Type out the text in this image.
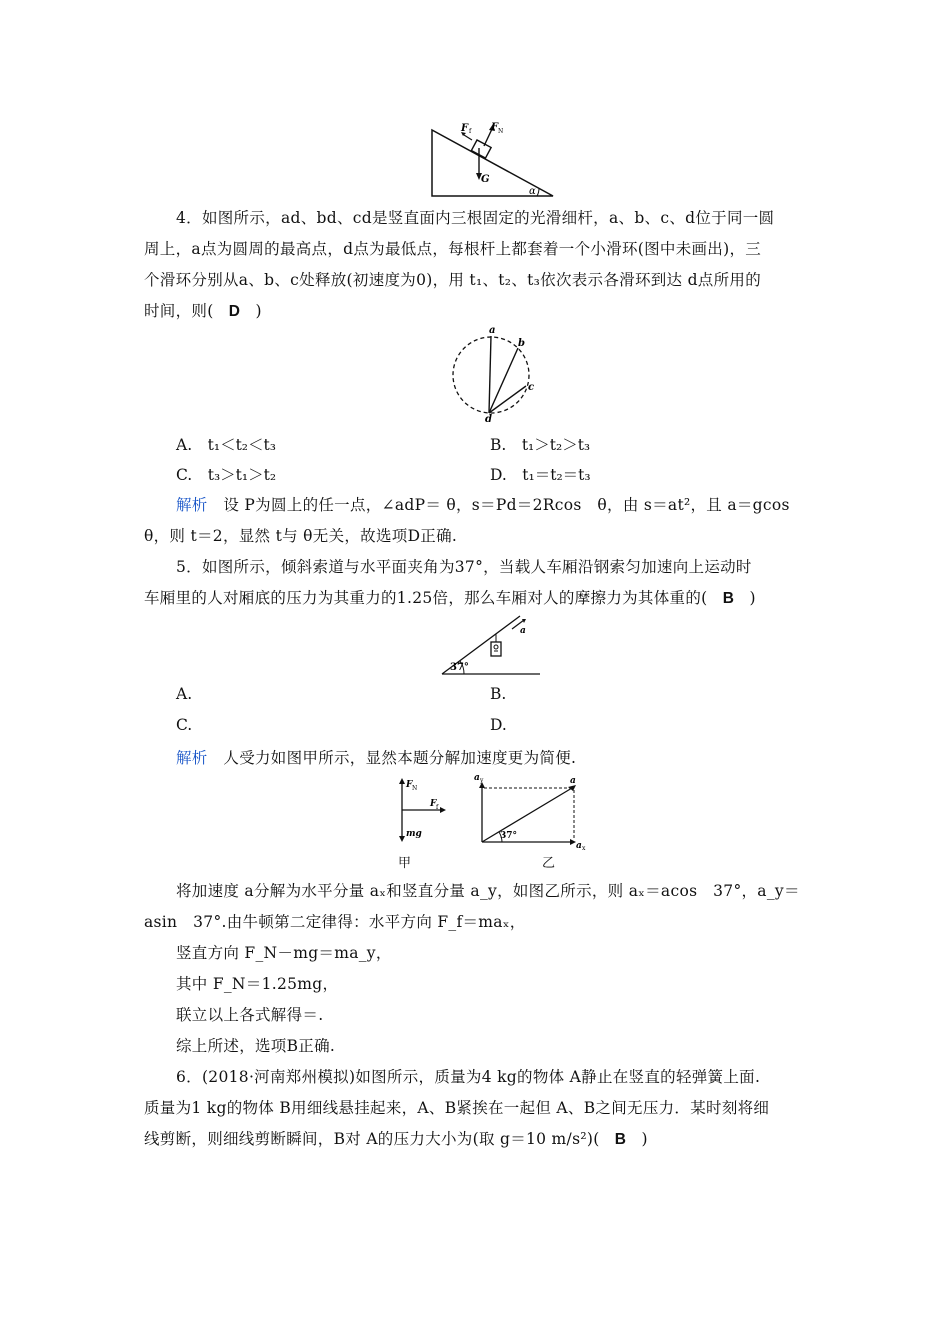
F f F N
G
α
4．如图所示，ad、bd、cd是竖直面内三根固定的光滑细杆，a、b、c、d位于同一圆
周上，a点为圆周的最高点，d点为最低点，每根杆上都套着一个小滑环(图中未画出)，三
个滑环分别从a、b、c处释放(初速度为0)，用 t₁、t₂、t₃依次表示各滑环到达 d点所用的
时间，则( D )
a
b
c
d
A.　t₁＜t₂＜t₃	B.　t₁＞t₂＞t₃
C.　t₃＞t₁＞t₂	D.　t₁＝t₂＝t₃
解析　设 P为圆上的任一点，∠adP＝ θ，s＝Pd＝2Rcos　θ，由 s＝at²，且 a＝gcos
θ，则 t＝2，显然 t与 θ无关，故选项D正确.
5．如图所示，倾斜索道与水平面夹角为37°，当载人车厢沿钢索匀加速向上运动时
车厢里的人对厢底的压力为其重力的1.25倍，那么车厢对人的摩擦力为其体重的( B )
37°
a
A.	B.
C.	D.
解析　人受力如图甲所示，显然本题分解加速度更为简便.
F N
F f
mg
甲
a y	a
a x
37°
乙
将加速度 a分解为水平分量 aₓ和竖直分量 a_y，如图乙所示，则 aₓ＝acos　37°，a_y＝
asin　37°.由牛顿第二定律得：水平方向 F_f＝maₓ，
竖直方向 F_N－mg＝ma_y，
其中 F_N＝1.25mg，
联立以上各式解得＝.
综上所述，选项B正确.
6．(2018·河南郑州模拟)如图所示，质量为4 kg的物体 A静止在竖直的轻弹簧上面.
质量为1 kg的物体 B用细线悬挂起来，A、B紧挨在一起但 A、B之间无压力．某时刻将细
线剪断，则细线剪断瞬间，B对 A的压力大小为(取 g＝10 m/s²)( B )
